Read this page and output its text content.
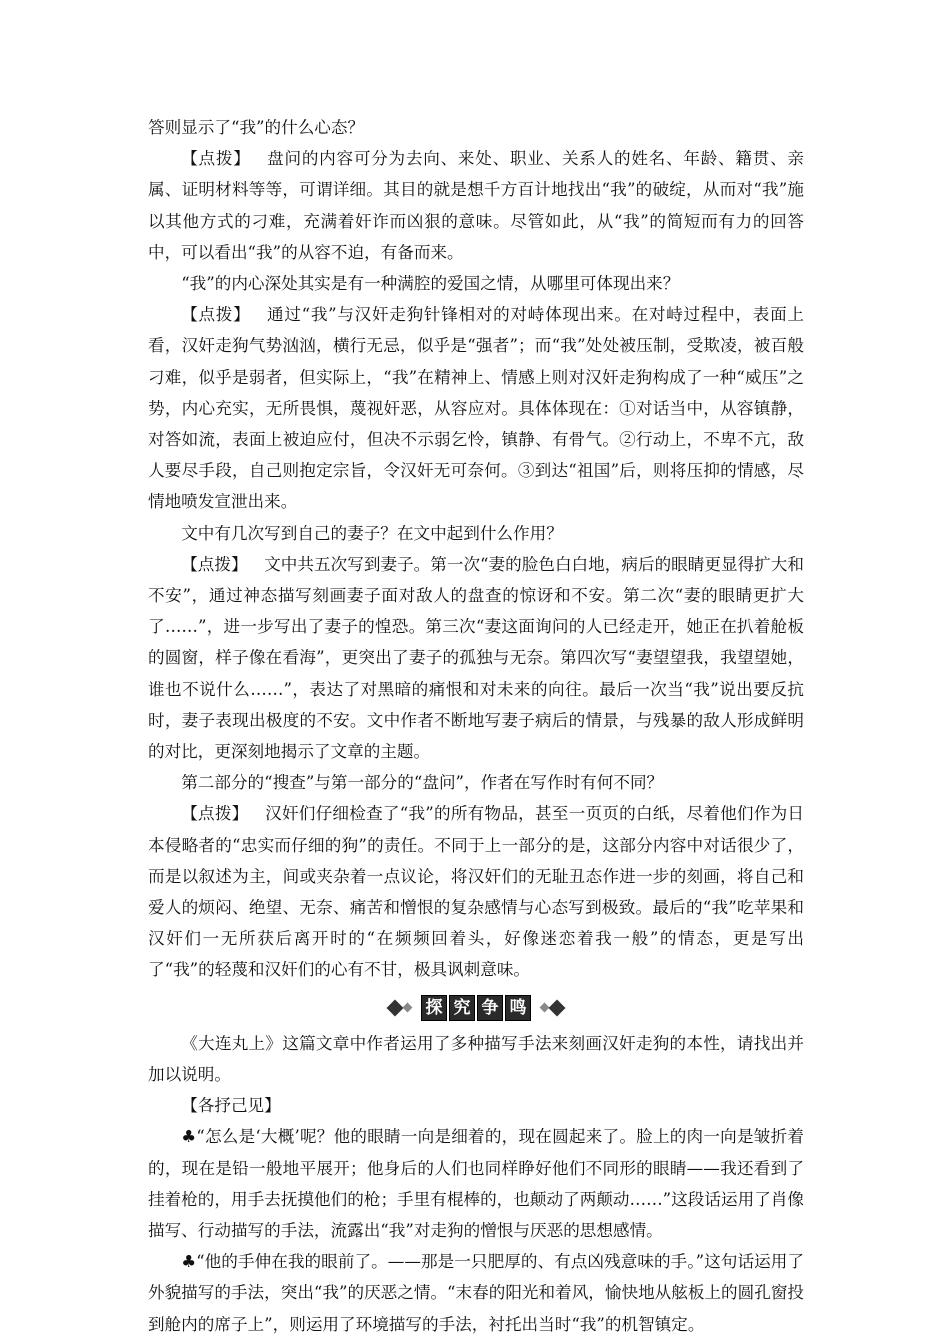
答则显示了“我”的什么心态？

【点拨】 盘问的内容可分为去向、来处、职业、关系人的姓名、年龄、籍贯、亲属、证明材料等等，可谓详细。其目的就是想千方百计地找出“我”的破绽，从而对“我”施以其他方式的刁难，充满着奸诈而凶狠的意味。尽管如此，从“我”的简短而有力的回答中，可以看出“我”的从容不迫，有备而来。

“我”的内心深处其实是有一种满腔的爱国之情，从哪里可体现出来？

【点拨】 通过“我”与汉奸走狗针锋相对的对峙体现出来。在对峙过程中，表面上看，汉奸走狗气势汹汹，横行无忌，似乎是“强者”；而“我”处处被压制，受欺凌，被百般刁难，似乎是弱者，但实际上，“我”在精神上、情感上则对汉奸走狗构成了一种“威压”之势，内心充实，无所畏惧，蔑视奸恶，从容应对。具体体现在：①对话当中，从容镇静，对答如流，表面上被迫应付，但决不示弱乞怜，镇静、有骨气。②行动上，不卑不亢，敌人要尽手段，自己则抱定宗旨，令汉奸无可奈何。③到达“祖国”后，则将压抑的情感，尽情地喷发宣泄出来。

文中有几次写到自己的妻子？在文中起到什么作用？

【点拨】 文中共五次写到妻子。第一次“妻的脸色白白地，病后的眼睛更显得扩大和不安”，通过神态描写刻画妻子面对敌人的盘查的惊讶和不安。第二次“妻的眼睛更扩大了……”，进一步写出了妻子的惶恐。第三次“妻这面询问的人已经走开，她正在扒着舱板的圆窗，样子像在看海”，更突出了妻子的孤独与无奈。第四次写“妻望望我，我望望她，谁也不说什么……”，表达了对黑暗的痛恨和对未来的向往。最后一次当“我”说出要反抗时，妻子表现出极度的不安。文中作者不断地写妻子病后的情景，与残暴的敌人形成鲜明的对比，更深刻地揭示了文章的主题。

第二部分的“搜查”与第一部分的“盘问”，作者在写作时有何不同？

【点拨】 汉奸们仔细检查了“我”的所有物品，甚至一页页的白纸，尽着他们作为日本侵略者的“忠实而仔细的狗”的责任。不同于上一部分的是，这部分内容中对话很少了，而是以叙述为主，间或夹杂着一点议论，将汉奸们的无耻丑态作进一步的刻画，将自己和爱人的烦闷、绝望、无奈、痛苦和憎恨的复杂感情与心态写到极致。最后的“我”吃苹果和汉奸们一无所获后离开时的“在频频回着头，好像迷恋着我一般”的情态，更是写出了“我”的轻蔑和汉奸们的心有不甘，极具讽刺意味。

探 究 争 鸣

《大连丸上》这篇文章中作者运用了多种描写手法来刻画汉奸走狗的本性，请找出并加以说明。

【各抒己见】

♣“怎么是‘大概’呢？他的眼睛一向是细着的，现在圆起来了。脸上的肉一向是皱折着的，现在是铅一般地平展开；他身后的人们也同样睁好他们不同形的眼睛——我还看到了挂着枪的，用手去抚摸他们的枪；手里有棍棒的，也颠动了两颠动……”这段话运用了肖像描写、行动描写的手法，流露出“我”对走狗的憎恨与厌恶的思想感情。

♣“他的手伸在我的眼前了。——那是一只肥厚的、有点凶残意味的手。”这句话运用了外貌描写的手法，突出“我”的厌恶之情。“末春的阳光和着风，愉快地从舷板上的圆孔窗投到舱内的席子上”，则运用了环境描写的手法，衬托出当时“我”的机智镇定。
